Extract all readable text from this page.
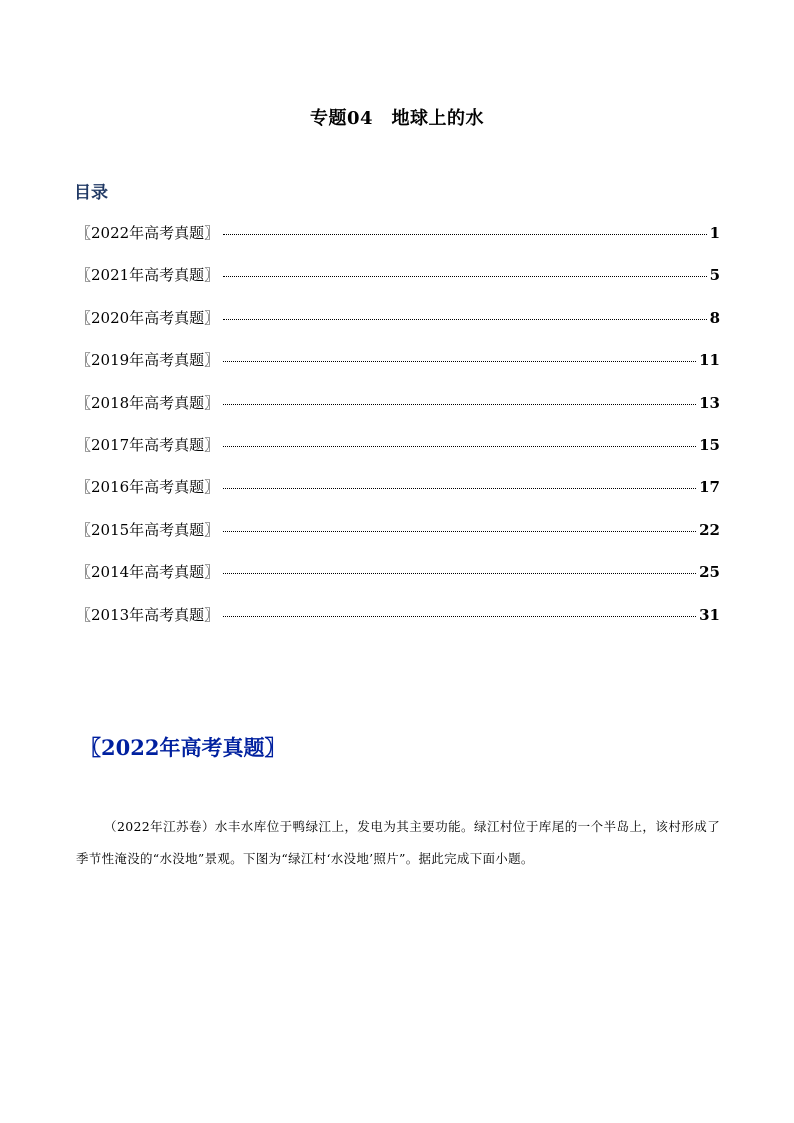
专题04　地球上的水
目录
〖2022年高考真题〗	1
〖2021年高考真题〗	5
〖2020年高考真题〗	8
〖2019年高考真题〗	11
〖2018年高考真题〗	13
〖2017年高考真题〗	15
〖2016年高考真题〗	17
〖2015年高考真题〗	22
〖2014年高考真题〗	25
〖2013年高考真题〗	31
〖2022年高考真题〗

（2022年江苏卷）水丰水库位于鸭绿江上，发电为其主要功能。绿江村位于库尾的一个半岛上，该村形成了季节性淹没的“水没地”景观。下图为“绿江村‘水没地’照片”。据此完成下面小题。
